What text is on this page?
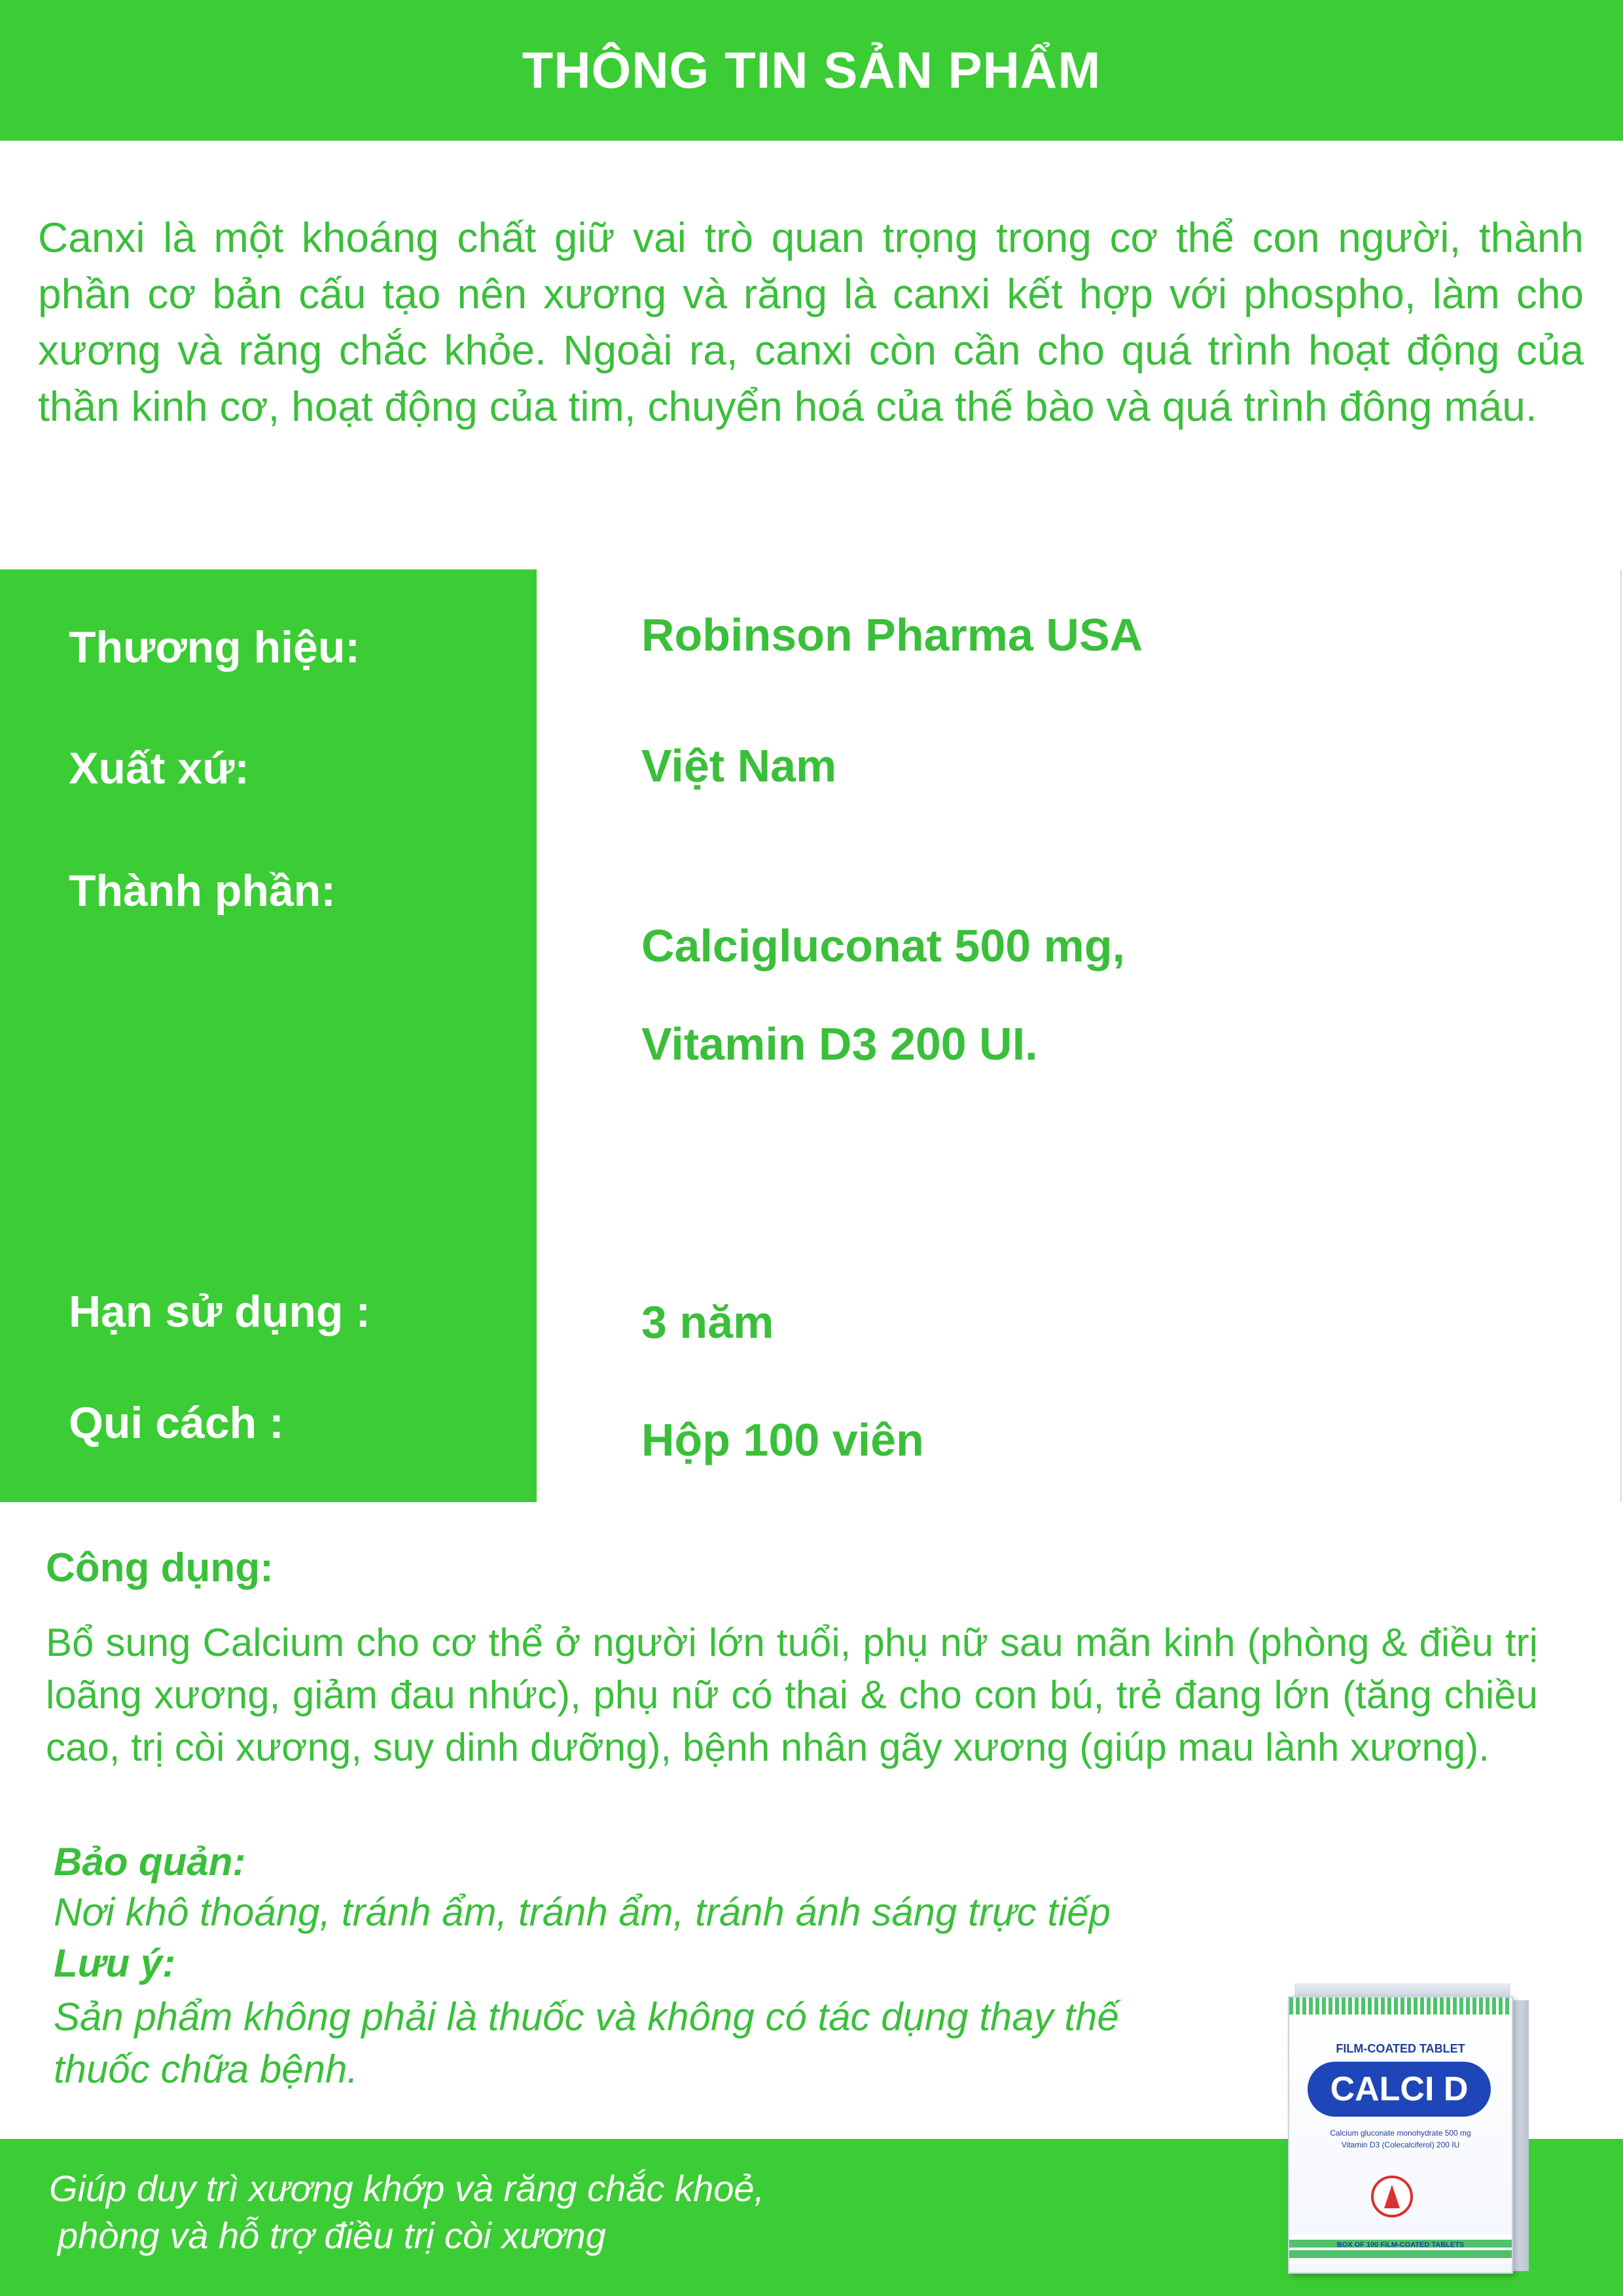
THÔNG TIN SẢN PHẨM

Canxi là một khoáng chất giữ vai trò quan trọng trong cơ thể con người, thành phần cơ bản cấu tạo nên xương và răng là canxi kết hợp với phospho, làm cho xương và răng chắc khỏe. Ngoài ra, canxi còn cần cho quá trình hoạt động của thần kinh cơ, hoạt động của tim, chuyển hoá của thế bào và quá trình đông máu.

Thương hiệu:

Xuất xứ:

Thành phần:

Hạn sử dụng :

Qui cách :

Robinson Pharma USA

Việt Nam

Calcigluconat 500 mg,

Vitamin D3 200 UI.

3 năm

Hộp 100 viên

Công dụng:

Bổ sung Calcium cho cơ thể ở người lớn tuổi, phụ nữ sau mãn kinh (phòng & điều trị loãng xương, giảm đau nhức), phụ nữ có thai & cho con bú, trẻ đang lớn (tăng chiều cao, trị còi xương, suy dinh dưỡng), bệnh nhân gãy xương (giúp mau lành xương).

Bảo quản:

Nơi khô thoáng, tránh ẩm, tránh ẩm, tránh ánh sáng trực tiếp

Lưu ý:

Sản phẩm không phải là thuốc và không có tác dụng thay thế

thuốc chữa bệnh.

Giúp duy trì xương khớp và răng chắc khoẻ,

phòng và hỗ trợ điều trị còi xương

FILM-COATED TABLET

CALCI D

Calcium gluconate monohydrate 500 mg

Vitamin D3 (Colecalciferol) 200 IU

BOX OF 100 FILM-COATED TABLETS
